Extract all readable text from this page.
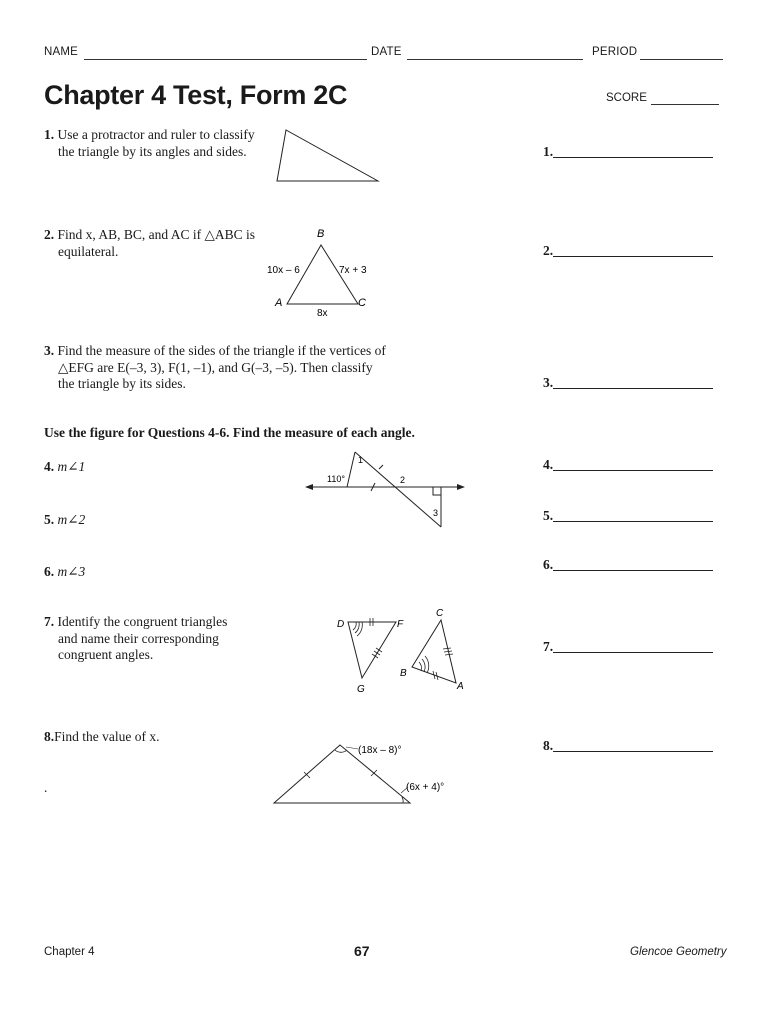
NAME	DATE	PERIOD
Chapter 4 Test, Form 2C	SCORE
1. Use a protractor and ruler to classify
the triangle by its angles and sides.	1.
2. Find x, AB, BC, and AC if △ABC is
equilateral.
B
A	C
10x – 6	7x + 3
8x
2.
3. Find the measure of the sides of the triangle if the vertices of
△EFG are E(–3, 3), F(1, –1), and G(–3, –5). Then classify
the triangle by its sides.	3.
Use the figure for Questions 4-6. Find the measure of each angle.
4. m∠1
5. m∠2
6. m∠3
110°
1
2
3
4.
5.
6.
7. Identify the congruent triangles
and name their corresponding
congruent angles.
D	F
G
C
B
A
7.
8.Find the value of x.
.
(18x – 8)°
(6x + 4)°
8.
Chapter 4	67	Glencoe Geometry
